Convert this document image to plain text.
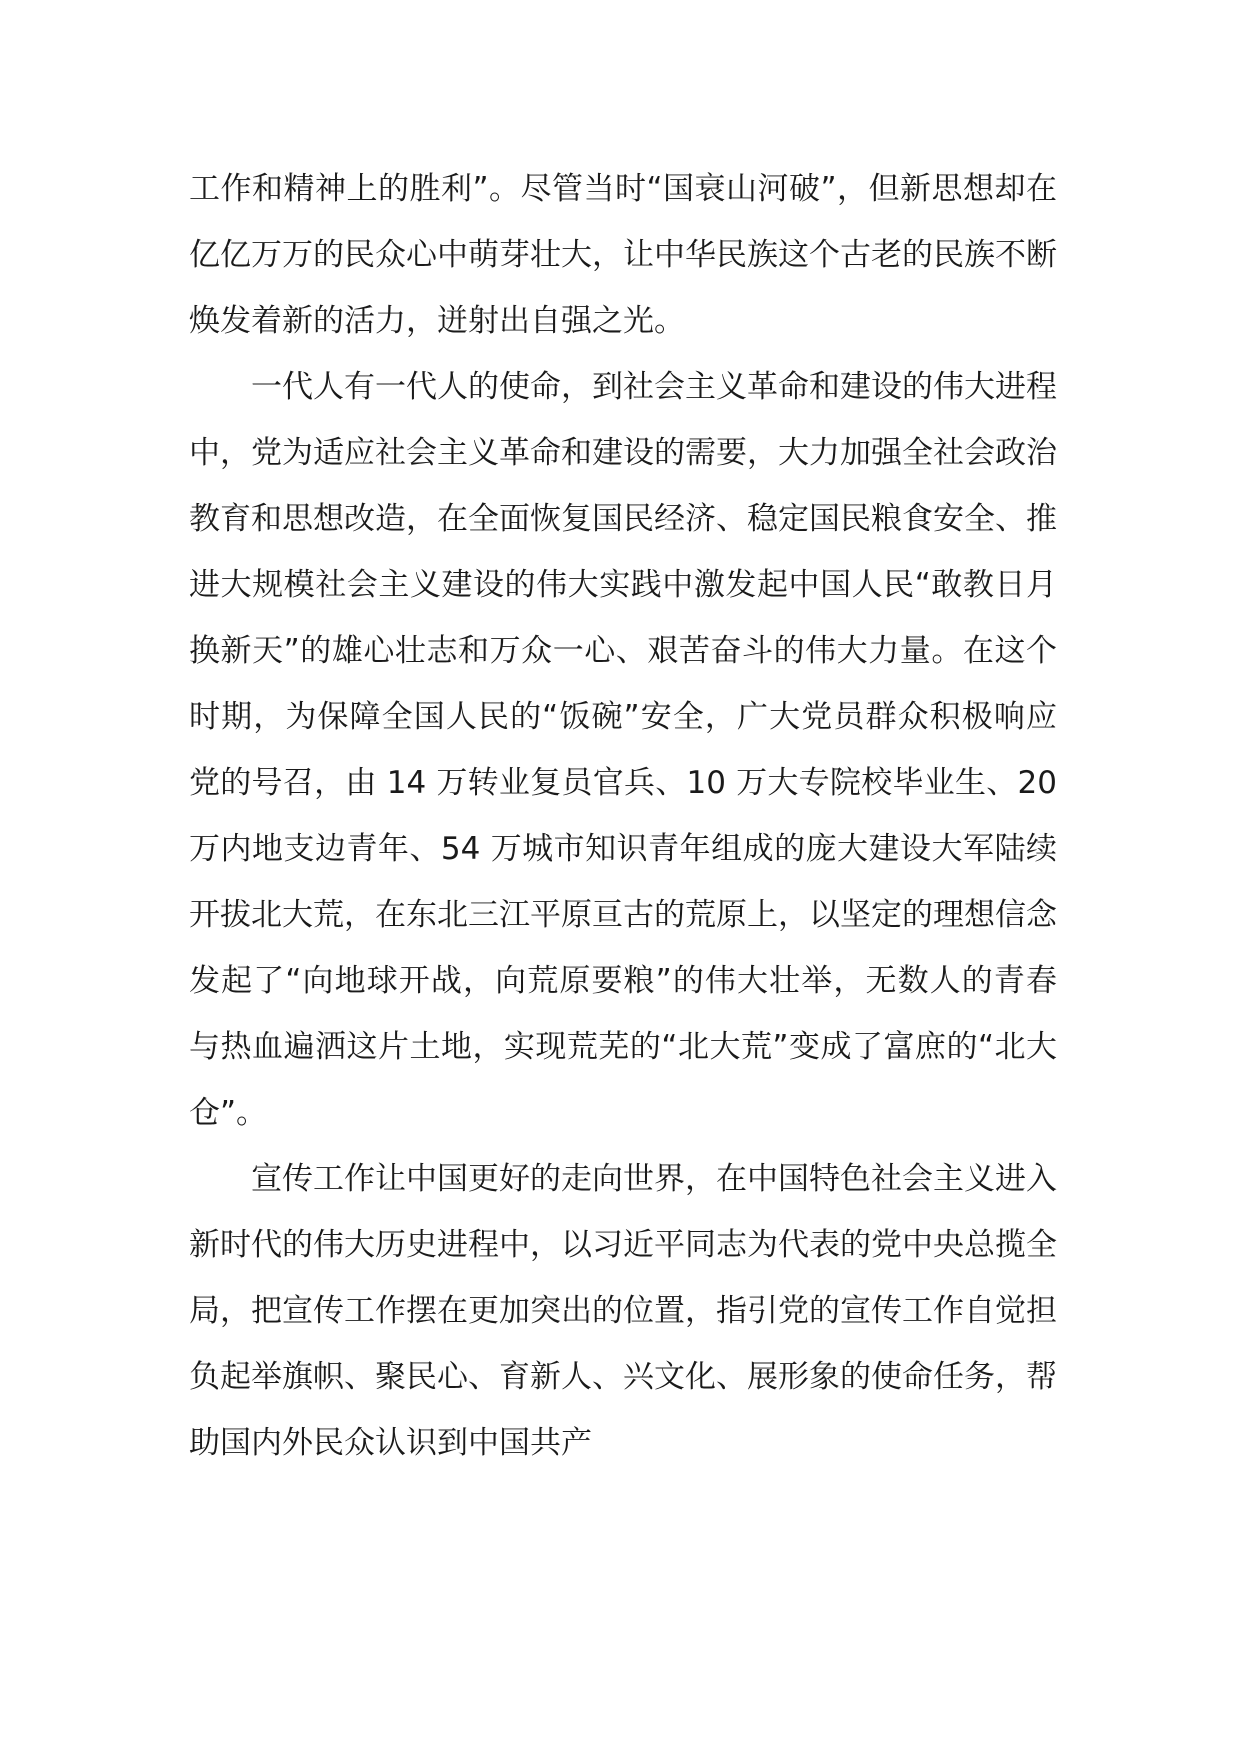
工作和精神上的胜利”。尽管当时“国衰山河破”，但新思想却在亿亿万万的民众心中萌芽壮大，让中华民族这个古老的民族不断焕发着新的活力，迸射出自强之光。

一代人有一代人的使命，到社会主义革命和建设的伟大进程中，党为适应社会主义革命和建设的需要，大力加强全社会政治教育和思想改造，在全面恢复国民经济、稳定国民粮食安全、推进大规模社会主义建设的伟大实践中激发起中国人民“敢教日月换新天”的雄心壮志和万众一心、艰苦奋斗的伟大力量。在这个时期，为保障全国人民的“饭碗”安全，广大党员群众积极响应党的号召，由 14 万转业复员官兵、10 万大专院校毕业生、20 万内地支边青年、54 万城市知识青年组成的庞大建设大军陆续开拔北大荒，在东北三江平原亘古的荒原上，以坚定的理想信念发起了“向地球开战，向荒原要粮”的伟大壮举，无数人的青春与热血遍洒这片土地，实现荒芜的“北大荒”变成了富庶的“北大仓”。

宣传工作让中国更好的走向世界，在中国特色社会主义进入新时代的伟大历史进程中，以习近平同志为代表的党中央总揽全局，把宣传工作摆在更加突出的位置，指引党的宣传工作自觉担负起举旗帜、聚民心、育新人、兴文化、展形象的使命任务，帮助国内外民众认识到中国共产
